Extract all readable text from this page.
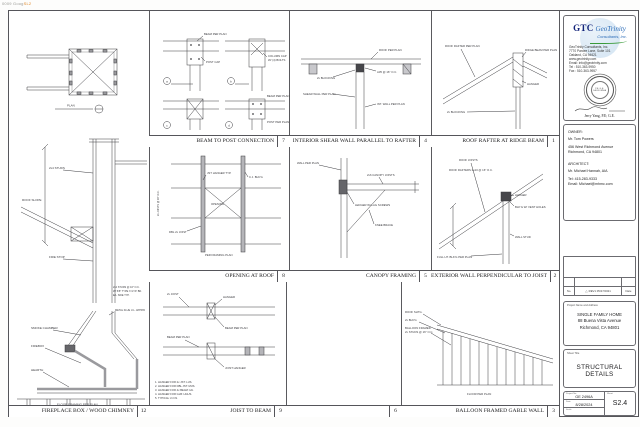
0009 GoogSL2
PLAN
2x4 STUDS
ROOF SLOPE
FIRE STOP
2x4 STUDS @ 16" O.C.
W/ 5/8" TYPE X GYP. BD.
EA. SIDE TYP.
METAL FLUE U.L. APPR'D
SMOKE CHAMBER
FIREBOX
HEARTH
BEAM PER PLAN
POST CAP
a
COLUMN CAP
W/ (4) BOLTS
b
c
BEAM PER PLAN
POST PER PLAN
d
ROOF PER PLAN
A35 @ 16" O.C.
2x BLOCKING
SHEAR WALL PER PLAN
INT. WALL PER PLAN
ROOF RAFTER PER PLAN
RIDGE BEAM PER PLAN
HANGER
2x BLOCKING
2x JOISTS @ 16" O.C.
JST HANGER TYP.
C.J. BLK'G
OPENING
DBL 2x JOIST
PER FRAMING PLAN
WALL PER PLAN
2x6 CANOPY JOISTS
LEDGER W/ LAG SCREWS
KNEE BRACE
ROOF JOISTS
ROOF RAFTERS 2x10 @ 16" O.C.
LEDGER
BLK'G W/ VENT HOLES
WALL STUD
FULL HT. BLK'G PER PLAN
2x JOIST
HANGER
BEAM PER PLAN
BEAM PER PLAN
JOIST HANGER
1. HANGER FOR 2x JST: LUS.
2. HANGER FOR DBL JST: MUS.
3. HANGER FOR 4x BEAM: HU.
4. HANGER FOR GLB: HGUS.
5. TYPICAL U.O.N.
ROOF SHTG.
2x BLK'G
BALLOON FRAMED
2x STUDS @ 16" O.C.
FLOOR PER PLAN
BEAM TO POST CONNECTION	7	INTERIOR SHEAR WALL PARALLEL TO RAFTER	4	ROOF RAFTER AT RIDGE BEAM	1
OPENING AT ROOF	8	CANOPY FRAMING	5 EXTERIOR WALL PERPENDICULAR TO JOIST	2
FIREPLACE BOX / WOOD CHIMNEY	12	JOIST TO BEAM	9	6	BALLOON FRAMED GABLE WALL	3
GTC GeoTrinity
Consultants, Inc.
GeoTrinity Consultants, Inc.
7770 Pardee Lane, Suite 101
Oakland, CA 94621
www.geotrinity.com
Email: info@geotrinity.com
Tel : 510-363-9950
Fax : 510-363-9957
P.E. G.E. CALIFORNIA
Jerry Yang, P.E; G.E.
OWNER:
Mr. Tom Powers
456 West Richmond Avenue
Richmond, CA 94801
ARCHITECT:
Mr. Michael Hannah, AIA
Tel: 415-283-9333
Email: Michael@mhmc.com
No.	△ REV1 05/27/2021	Date
Project Name and Address
SINGLE FAMILY HOME
88 Buena Vista Avenue
Richmond, CA 94801
Sheet Title
STRUCTURAL DETAILS
Project No.
GE 2496A
Date
8/28/2024
Scale
Sheet
S2.4
